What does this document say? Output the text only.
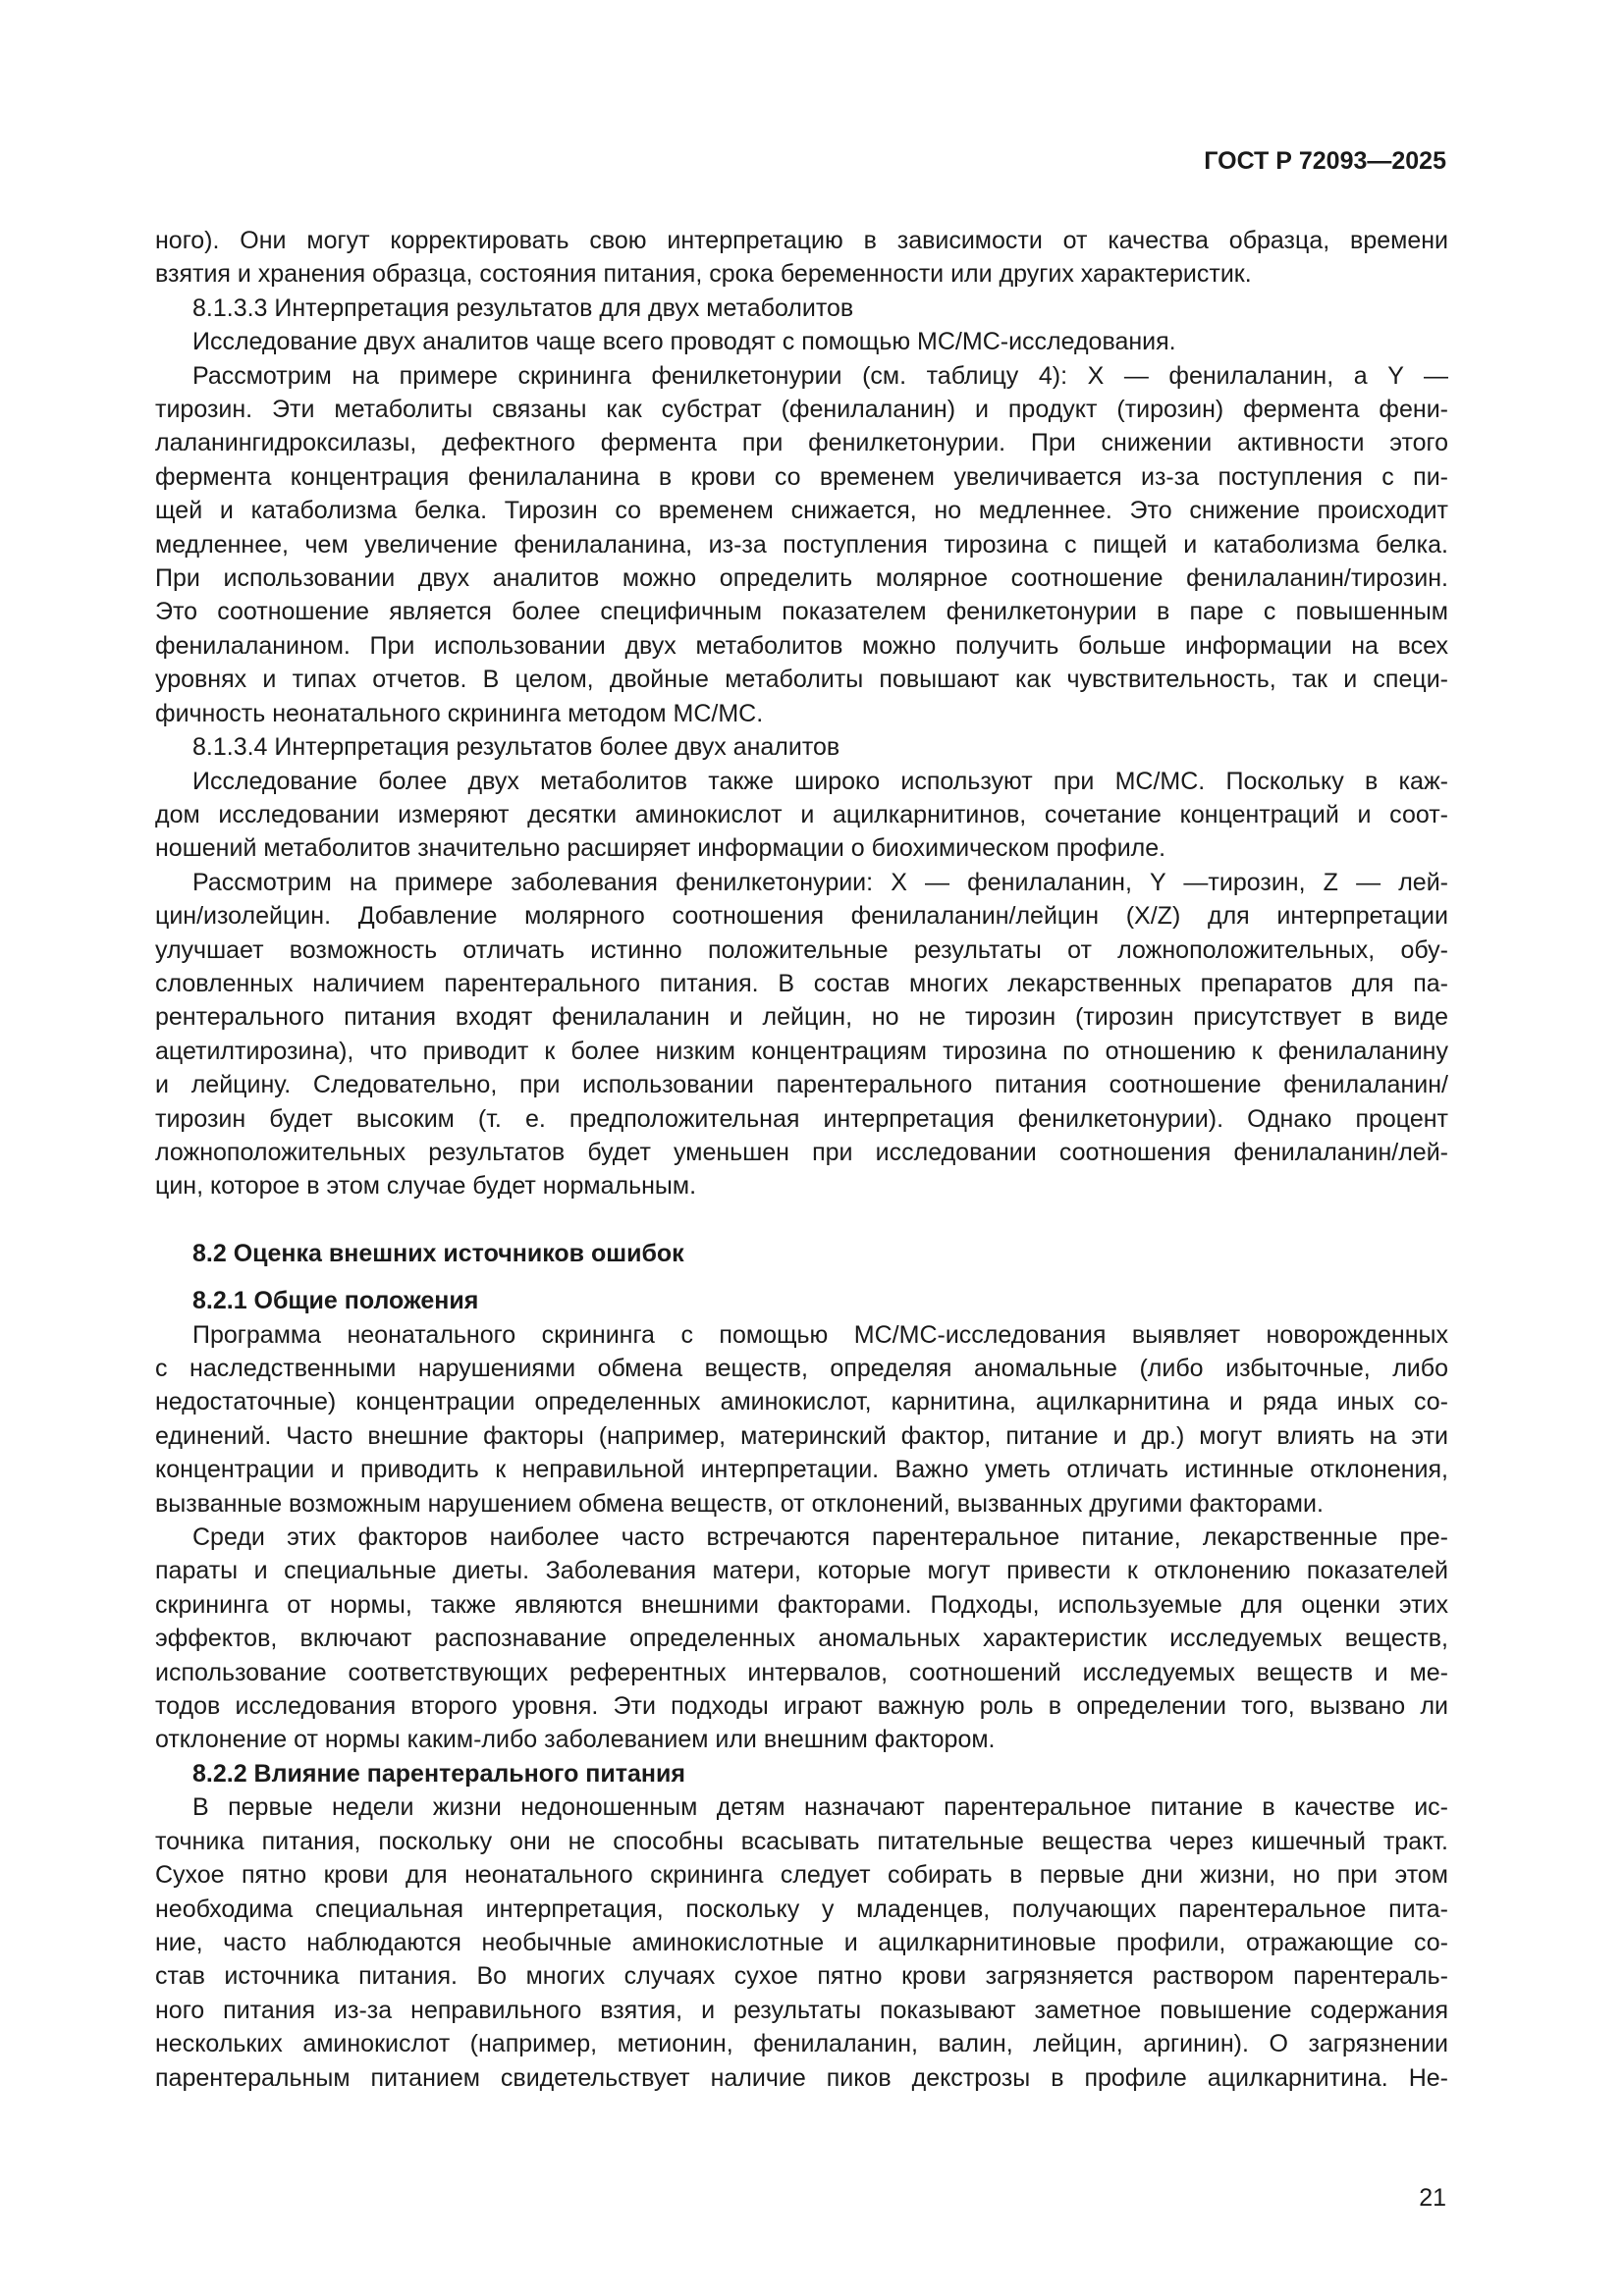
ГОСТ Р 72093—2025

ного). Они могут корректировать свою интерпретацию в зависимости от качества образца, времени

взятия и хранения образца, состояния питания, срока беременности или других характеристик.

8.1.3.3 Интерпретация результатов для двух метаболитов

Исследование двух аналитов чаще всего проводят с помощью МС/МС-исследования.

Рассмотрим на примере скрининга фенилкетонурии (см. таблицу 4): X — фенилаланин, а Y —

тирозин. Эти метаболиты связаны как субстрат (фенилаланин) и продукт (тирозин) фермента фени-

лаланингидроксилазы, дефектного фермента при фенилкетонурии. При снижении активности этого

фермента концентрация фенилаланина в крови со временем увеличивается из-за поступления с пи-

щей и катаболизма белка. Тирозин со временем снижается, но медленнее. Это снижение происходит

медленнее, чем увеличение фенилаланина, из-за поступления тирозина с пищей и катаболизма белка.

При использовании двух аналитов можно определить молярное соотношение фенилаланин/тирозин.

Это соотношение является более специфичным показателем фенилкетонурии в паре с повышенным

фенилаланином. При использовании двух метаболитов можно получить больше информации на всех

уровнях и типах отчетов. В целом, двойные метаболиты повышают как чувствительность, так и специ-

фичность неонатального скрининга методом МС/МС.

8.1.3.4 Интерпретация результатов более двух аналитов

Исследование более двух метаболитов также широко используют при МС/МС. Поскольку в каж-

дом исследовании измеряют десятки аминокислот и ацилкарнитинов, сочетание концентраций и соот-

ношений метаболитов значительно расширяет информации о биохимическом профиле.

Рассмотрим на примере заболевания фенилкетонурии: X — фенилаланин, Y —тирозин, Z — лей-

цин/изолейцин. Добавление молярного соотношения фенилаланин/лейцин (X/Z) для интерпретации

улучшает возможность отличать истинно положительные результаты от ложноположительных, обу-

словленных наличием парентерального питания. В состав многих лекарственных препаратов для па-

рентерального питания входят фенилаланин и лейцин, но не тирозин (тирозин присутствует в виде

ацетилтирозина), что приводит к более низким концентрациям тирозина по отношению к фенилаланину

и лейцину. Следовательно, при использовании парентерального питания соотношение фенилаланин/

тирозин будет высоким (т. е. предположительная интерпретация фенилкетонурии). Однако процент

ложноположительных результатов будет уменьшен при исследовании соотношения фенилаланин/лей-

цин, которое в этом случае будет нормальным.

8.2 Оценка внешних источников ошибок

8.2.1 Общие положения

Программа неонатального скрининга с помощью МС/МС-исследования выявляет новорожденных

с наследственными нарушениями обмена веществ, определяя аномальные (либо избыточные, либо

недостаточные) концентрации определенных аминокислот, карнитина, ацилкарнитина и ряда иных со-

единений. Часто внешние факторы (например, материнский фактор, питание и др.) могут влиять на эти

концентрации и приводить к неправильной интерпретации. Важно уметь отличать истинные отклонения,

вызванные возможным нарушением обмена веществ, от отклонений, вызванных другими факторами.

Среди этих факторов наиболее часто встречаются парентеральное питание, лекарственные пре-

параты и специальные диеты. Заболевания матери, которые могут привести к отклонению показателей

скрининга от нормы, также являются внешними факторами. Подходы, используемые для оценки этих

эффектов, включают распознавание определенных аномальных характеристик исследуемых веществ,

использование соответствующих референтных интервалов, соотношений исследуемых веществ и ме-

тодов исследования второго уровня. Эти подходы играют важную роль в определении того, вызвано ли

отклонение от нормы каким-либо заболеванием или внешним фактором.

8.2.2 Влияние парентерального питания

В первые недели жизни недоношенным детям назначают парентеральное питание в качестве ис-

точника питания, поскольку они не способны всасывать питательные вещества через кишечный тракт.

Сухое пятно крови для неонатального скрининга следует собирать в первые дни жизни, но при этом

необходима специальная интерпретация, поскольку у младенцев, получающих парентеральное пита-

ние, часто наблюдаются необычные аминокислотные и ацилкарнитиновые профили, отражающие со-

став источника питания. Во многих случаях сухое пятно крови загрязняется раствором парентераль-

ного питания из-за неправильного взятия, и результаты показывают заметное повышение содержания

нескольких аминокислот (например, метионин, фенилаланин, валин, лейцин, аргинин). О загрязнении

парентеральным питанием свидетельствует наличие пиков декстрозы в профиле ацилкарнитина. Не-

21
